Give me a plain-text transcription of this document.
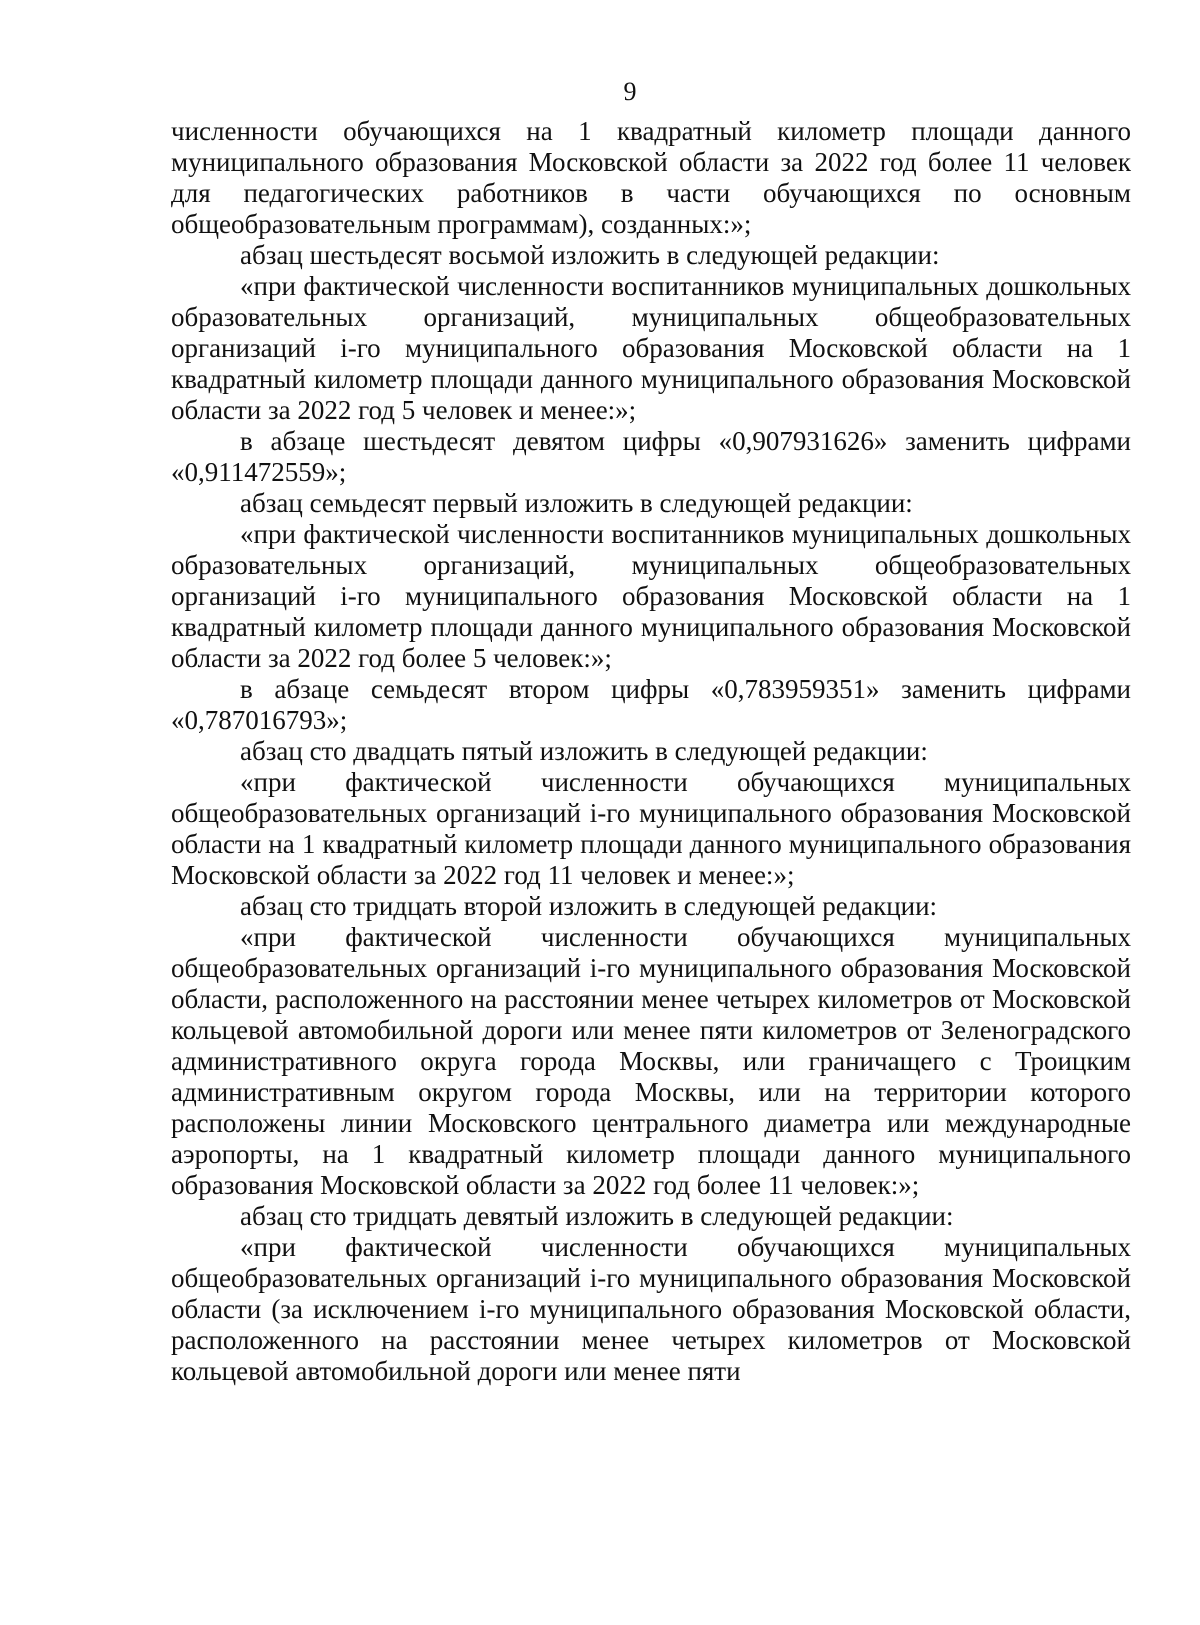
9

численности обучающихся на 1 квадратный километр площади данного муниципального образования Московской области за 2022 год более 11 человек для педагогических работников в части обучающихся по основным общеобразовательным программам), созданных:»;

абзац шестьдесят восьмой изложить в следующей редакции:

«при фактической численности воспитанников муниципальных дошкольных образовательных организаций, муниципальных общеобразовательных организаций i-го муниципального образования Московской области на 1 квадратный километр площади данного муниципального образования Московской области за 2022 год 5 человек и менее:»;

в абзаце шестьдесят девятом цифры «0,907931626» заменить цифрами «0,911472559»;

абзац семьдесят первый изложить в следующей редакции:

«при фактической численности воспитанников муниципальных дошкольных образовательных организаций, муниципальных общеобразовательных организаций i-го муниципального образования Московской области на 1 квадратный километр площади данного муниципального образования Московской области за 2022 год более 5 человек:»;

в абзаце семьдесят втором цифры «0,783959351» заменить цифрами «0,787016793»;

абзац сто двадцать пятый изложить в следующей редакции:

«при фактической численности обучающихся муниципальных общеобразовательных организаций i-го муниципального образования Московской области на 1 квадратный километр площади данного муниципального образования Московской области за 2022 год 11 человек и менее:»;

абзац сто тридцать второй изложить в следующей редакции:

«при фактической численности обучающихся муниципальных общеобразовательных организаций i-го муниципального образования Московской области, расположенного на расстоянии менее четырех километров от Московской кольцевой автомобильной дороги или менее пяти километров от Зеленоградского административного округа города Москвы, или граничащего с Троицким административным округом города Москвы, или на территории которого расположены линии Московского центрального диаметра или международные аэропорты, на 1 квадратный километр площади данного муниципального образования Московской области за 2022 год более 11 человек:»;

абзац сто тридцать девятый изложить в следующей редакции:

«при фактической численности обучающихся муниципальных общеобразовательных организаций i-го муниципального образования Московской области (за исключением i-го муниципального образования Московской области, расположенного на расстоянии менее четырех километров от Московской кольцевой автомобильной дороги или менее пяти
